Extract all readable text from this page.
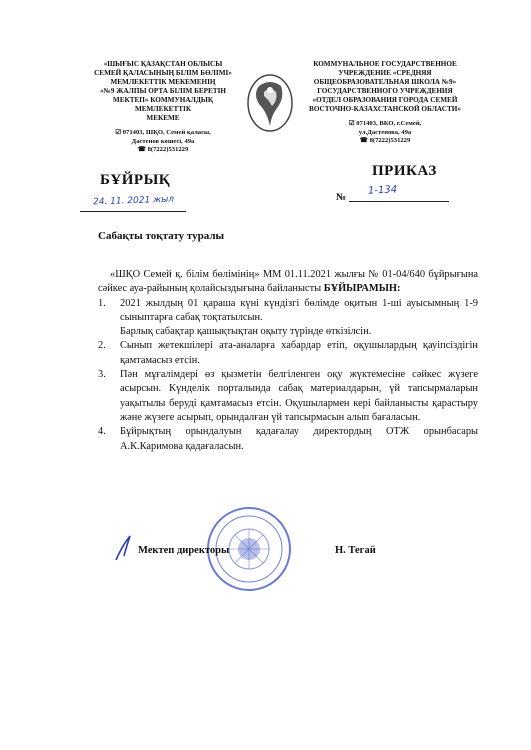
«ШЫҒЫС ҚАЗАҚСТАН ОБЛЫСЫ

СЕМЕЙ ҚАЛАСЫНЫҢ БІЛІМ БӨЛІМІ»

МЕМЛЕКЕТТІК МЕКЕМЕНІҢ

«№9 ЖАЛПЫ ОРТА БІЛІМ БЕРЕТІН

МЕКТЕП» КОММУНАЛДЫҚ МЕМЛЕКЕТТІК

МЕКЕМЕ

☑ 071403, ШҚО, Семей қаласы,
Дастенов көшесі, 49а
☎ 8(7222)531229

КОММУНАЛЬНОЕ ГОСУДАРСТВЕННОЕ

УЧРЕЖДЕНИЕ «СРЕДНЯЯ

ОБЩЕОБРАЗОВАТЕЛЬНАЯ ШКОЛА №9»

ГОСУДАРСТВЕННОГО УЧРЕЖДЕНИЯ

«ОТДЕЛ ОБРАЗОВАНИЯ ГОРОДА СЕМЕЙ

ВОСТОЧНО-КАЗАХСТАНСКОЙ ОБЛАСТИ»

☑ 071403, ВКО, г.Семей,
ул.Дастенова, 49а
☎ 8(7222)531229
БҰЙРЫҚ
ПРИКАЗ
24. 11. 2021 жыл	№
1-134
Сабақты тоқтату туралы

«ШҚО Семей қ. білім бөлімінің» ММ 01.11.2021 жылғы № 01-04/640 бұйрығына сәйкес ауа-райының қолайсыздығына байланысты БҰЙЫРАМЫН:

1. 2021 жылдың 01 қараша күні күндізгі бөлімде оқитын 1-ші ауысымның 1-9 сыныптарға сабақ тоқтатылсын.
Барлық сабақтар қашықтықтан оқыту түрінде өткізілсін.
2. Сынып жетекшілері ата-аналарға хабардар етіп, оқушылардың қауіпсіздігін қамтамасыз етсін.
3. Пән мұғалімдері өз қызметін белгіленген оқу жүктемесіне сәйкес жүзеге асырсын. Күнделік порталында сабақ материалдарын, үй тапсырмаларын уақытылы беруді қамтамасыз етсін. Оқушылармен кері байланысты қарастыру және жүзеге асырып, орындалған үй тапсырмасын алып бағаласын.
4. Бұйрықтың орындалуын қадағалау директордың ОТЖ орынбасары А.К.Каримова қадағаласын.
Мектеп директоры	Н. Тегай
